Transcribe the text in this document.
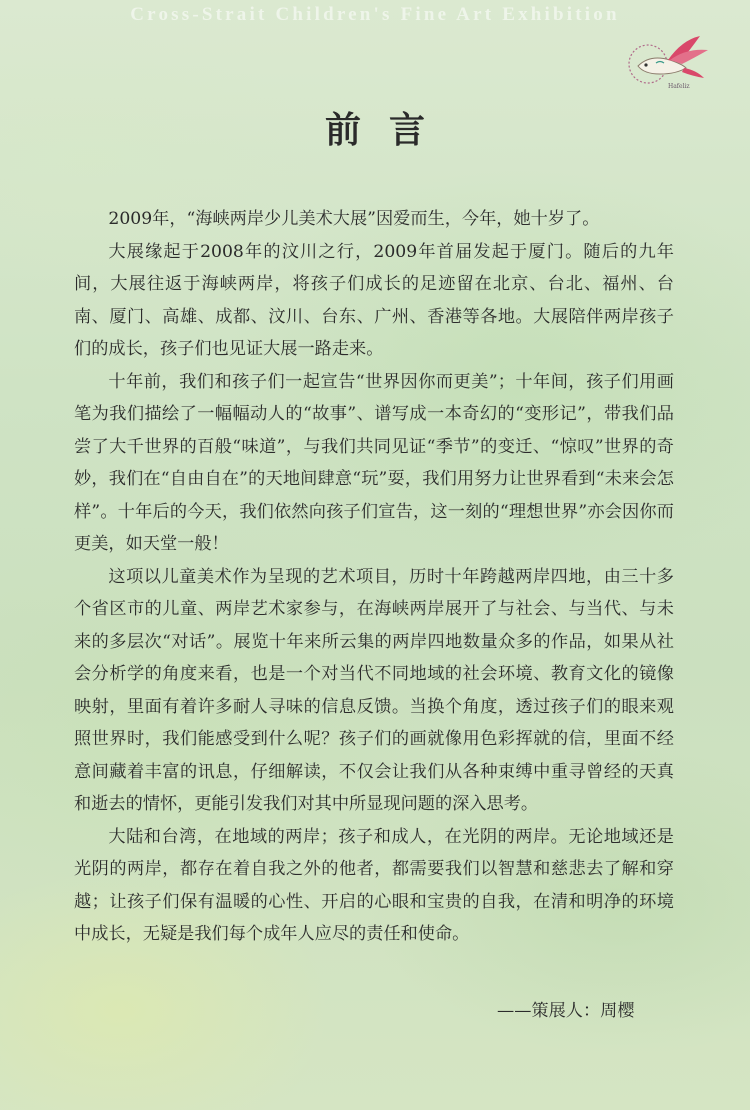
Cross-Strait Children's Fine Art Exhibition
Hafeliz
前言

2009年，“海峡两岸少儿美术大展”因爱而生，今年，她十岁了。

大展缘起于2008年的汶川之行，2009年首届发起于厦门。随后的九年间，大展往返于海峡两岸，将孩子们成长的足迹留在北京、台北、福州、台南、厦门、高雄、成都、汶川、台东、广州、香港等各地。大展陪伴两岸孩子们的成长，孩子们也见证大展一路走来。

十年前，我们和孩子们一起宣告“世界因你而更美”；十年间，孩子们用画笔为我们描绘了一幅幅动人的“故事”、谱写成一本奇幻的“变形记”，带我们品尝了大千世界的百般“味道”，与我们共同见证“季节”的变迁、“惊叹”世界的奇妙，我们在“自由自在”的天地间肆意“玩”耍，我们用努力让世界看到“未来会怎样”。十年后的今天，我们依然向孩子们宣告，这一刻的“理想世界”亦会因你而更美，如天堂一般！

这项以儿童美术作为呈现的艺术项目，历时十年跨越两岸四地，由三十多个省区市的儿童、两岸艺术家参与，在海峡两岸展开了与社会、与当代、与未来的多层次“对话”。展览十年来所云集的两岸四地数量众多的作品，如果从社会分析学的角度来看，也是一个对当代不同地域的社会环境、教育文化的镜像映射，里面有着许多耐人寻味的信息反馈。当换个角度，透过孩子们的眼来观照世界时，我们能感受到什么呢？孩子们的画就像用色彩挥就的信，里面不经意间藏着丰富的讯息，仔细解读，不仅会让我们从各种束缚中重寻曾经的天真和逝去的情怀，更能引发我们对其中所显现问题的深入思考。

大陆和台湾，在地域的两岸；孩子和成人，在光阴的两岸。无论地域还是光阴的两岸，都存在着自我之外的他者，都需要我们以智慧和慈悲去了解和穿越；让孩子们保有温暖的心性、开启的心眼和宝贵的自我，在清和明净的环境中成长，无疑是我们每个成年人应尽的责任和使命。

——策展人：周樱
